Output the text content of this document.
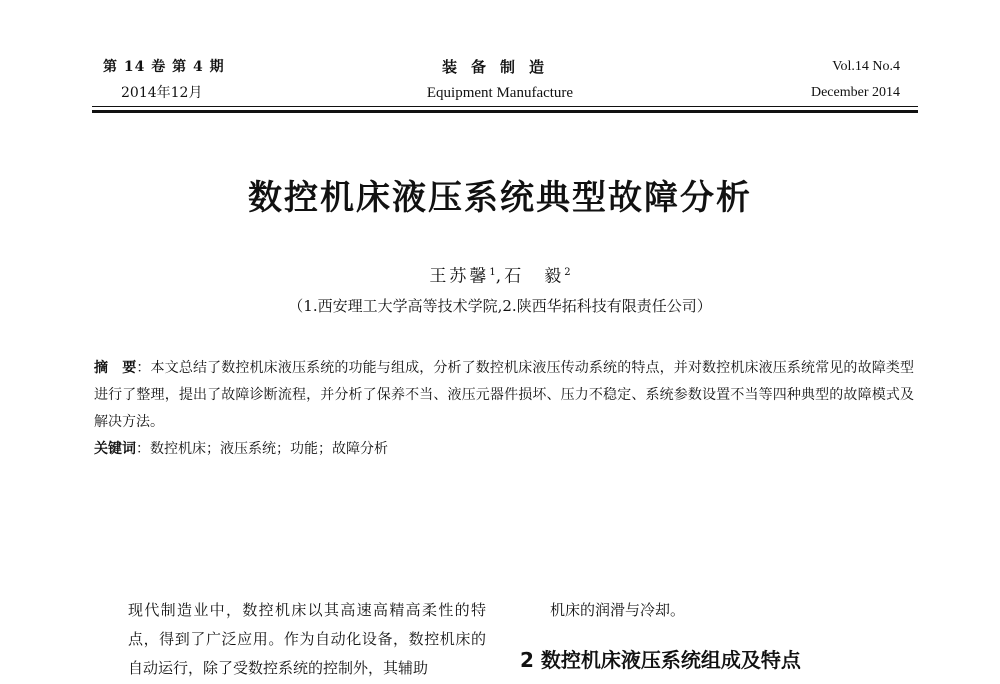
第 14 卷 第 4 期
2014年12月
装备制造
Equipment Manufacture
Vol.14 No.4
December 2014
数控机床液压系统典型故障分析
王苏馨$^1$,石　毅$^2$
（1.西安理工大学高等技术学院,2.陕西华拓科技有限责任公司）
摘　要：本文总结了数控机床液压系统的功能与组成，分析了数控机床液压传动系统的特点，并对数控机床液压系统常见的故障类型进行了整理，提出了故障诊断流程，并分析了保养不当、液压元器件损坏、压力不稳定、系统参数设置不当等四种典型的故障模式及解决方法。
关键词：数控机床；液压系统；功能；故障分析
现代制造业中，数控机床以其高速高精高柔性的特点，得到了广泛应用。作为自动化设备，数控机床的自动运行，除了受数控系统的控制外，其辅助
机床的润滑与冷却。
2 数控机床液压系统组成及特点
